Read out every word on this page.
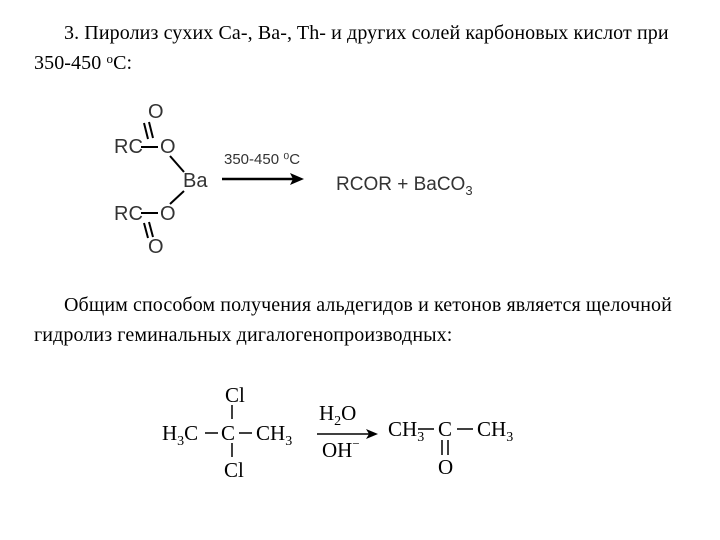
3. Пиролиз сухих Ca-, Ba-, Th- и других солей карбоновых кислот при 350-450 $^o$C:
O
RC O
Ba
RC O
O
350-450 ⁰C
RCOR + BaCO$_3$
Общим способом получения альдегидов и кетонов является щелочной гидролиз геминальных дигалогенопроизводных:
Cl
$H_3C$ C $CH_3$
Cl
$H_2O$
OH−
$CH_3$ C $CH_3$
O
